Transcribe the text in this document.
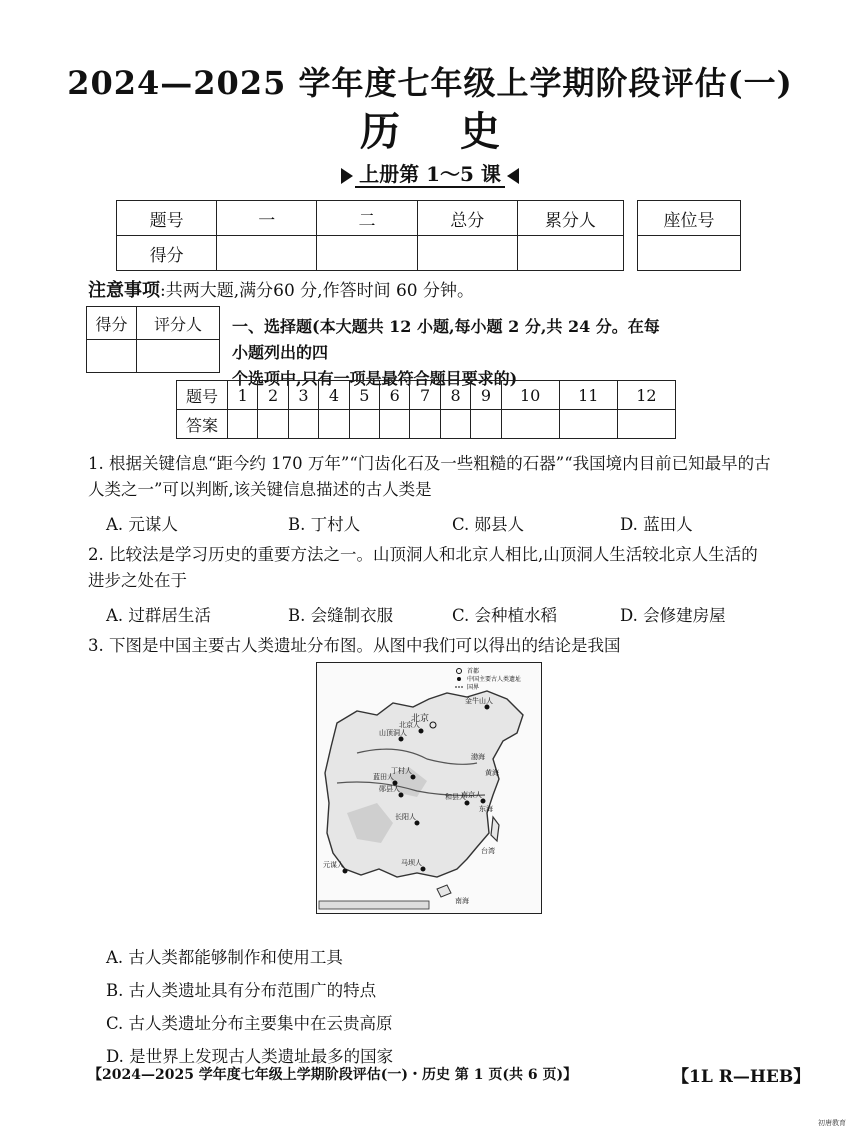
2024—2025 学年度七年级上学期阶段评估(一)
历史
上册第 1～5 课
题号	一	二	总分	累分人
得分				
座位号

注意事项:共两大题,满分60 分,作答时间 60 分钟。
得分	评分人
	一、选择题(本大题共 12 小题,每小题 2 分,共 24 分。在每小题列出的四
个选项中,只有一项是最符合题目要求的)
题号	1	2	3	4	5	6	7	8	9	10	11	12
答案												
1. 根据关键信息“距今约 170 万年”“门齿化石及一些粗糙的石器”“我国境内目前已知最早的古
人类之一”可以判断,该关键信息描述的古人类是
A. 元谋人	B. 丁村人	C. 郧县人	D. 蓝田人
2. 比较法是学习历史的重要方法之一。山顶洞人和北京人相比,山顶洞人生活较北京人生活的
进步之处在于
A. 过群居生活	B. 会缝制衣服	C. 会种植水稻	D. 会修建房屋
3. 下图是中国主要古人类遗址分布图。从图中我们可以得出的结论是我国
北京
北京人
山顶洞人
金牛山人
丁村人
蓝田人
郧县人
和县人
南京人
长阳人
元谋人	马坝人
渤海
黄海
东海
台湾
南海
首都
中国主要古人类遗址
国界
A. 古人类都能够制作和使用工具
B. 古人类遗址具有分布范围广的特点
C. 古人类遗址分布主要集中在云贵高原
D. 是世界上发现古人类遗址最多的国家
【2024—2025 学年度七年级上学期阶段评估(一)・历史 第 1 页(共 6 页)】	【1L R—HEB】
初唐教育
